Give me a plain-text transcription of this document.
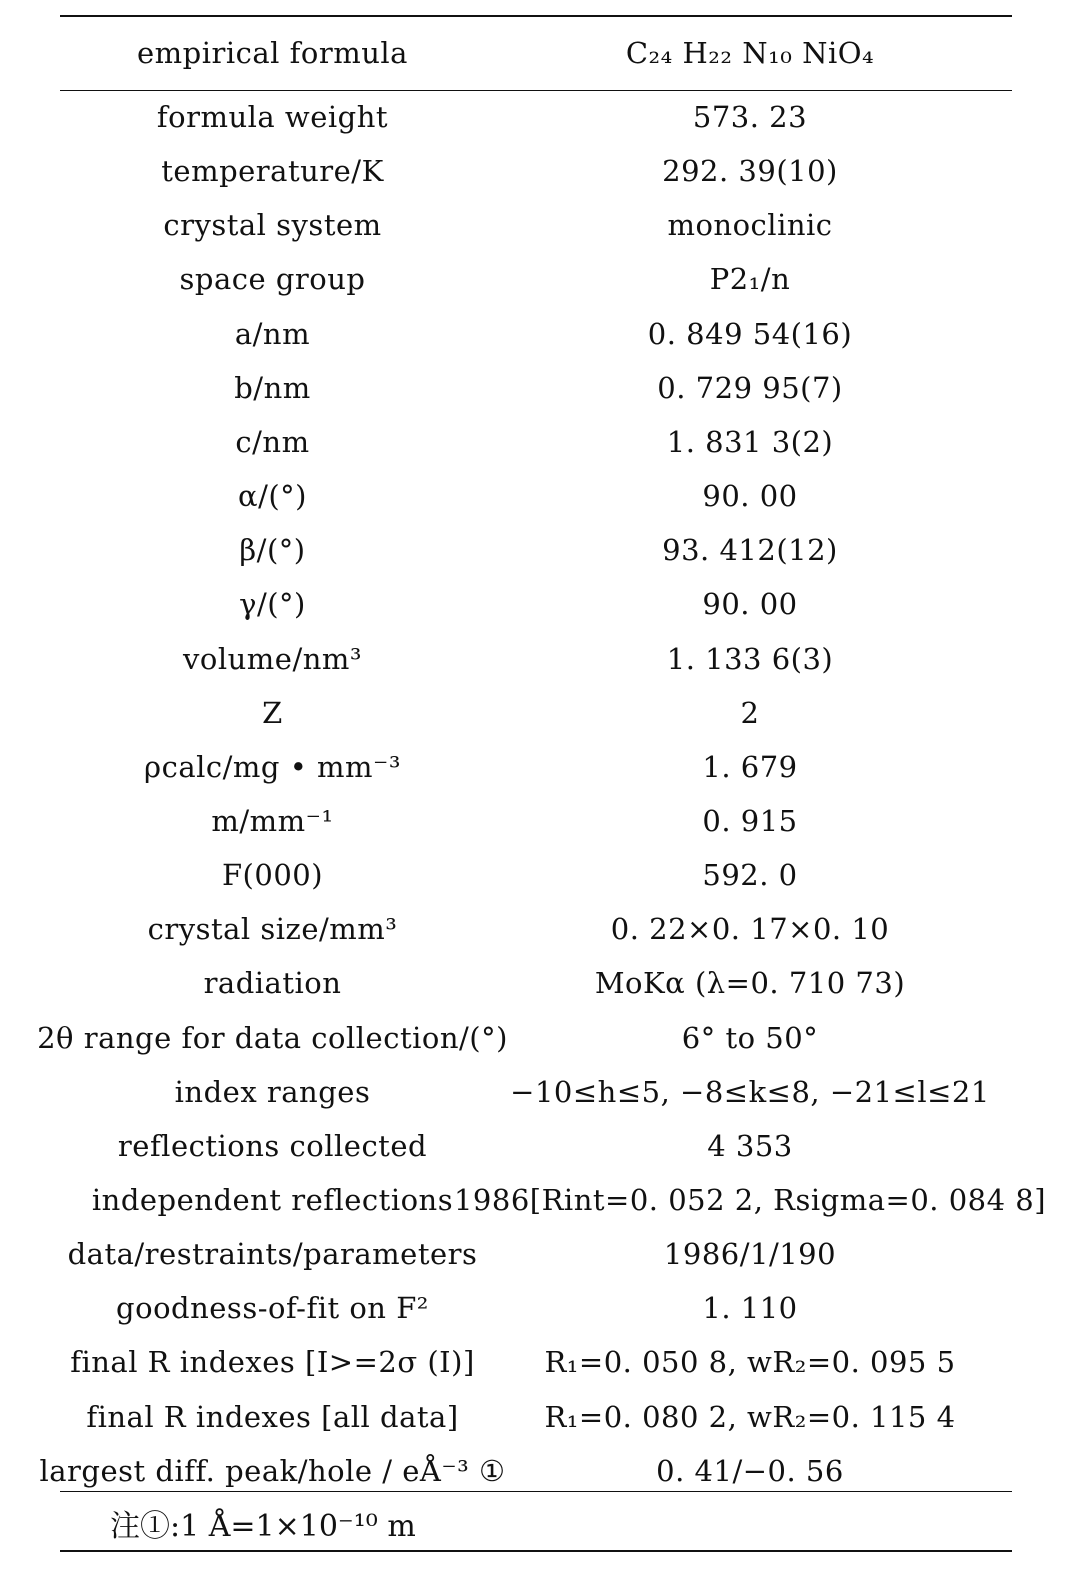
empirical formula	C₂₄ H₂₂ N₁₀ NiO₄
formula weight	573. 23
temperature/K	292. 39(10)
crystal system	monoclinic
space group	P2₁/n
a/nm	0. 849 54(16)
b/nm	0. 729 95(7)
c/nm	1. 831 3(2)
α/(°)	90. 00
β/(°)	93. 412(12)
γ/(°)	90. 00
volume/nm³	1. 133 6(3)
Z	2
ρcalc/mg • mm⁻³	1. 679
m/mm⁻¹	0. 915
F(000)	592. 0
crystal size/mm³	0. 22×0. 17×0. 10
radiation	MoKα (λ=0. 710 73)
2θ range for data collection/(°)	6° to 50°
index ranges	−10≤h≤5, −8≤k≤8, −21≤l≤21
reflections collected	4 353
independent reflections 1986[Rint=0. 052 2, Rsigma=0. 084 8]
data/restraints/parameters	1986/1/190
goodness-of-fit on F²	1. 110
final R indexes [I>=2σ (I)]	R₁=0. 050 8, wR₂=0. 095 5
final R indexes [all data]	R₁=0. 080 2, wR₂=0. 115 4
largest diff. peak/hole / eÅ⁻³ ①	0. 41/−0. 56
注①:1 Å=1×10⁻¹⁰ m
